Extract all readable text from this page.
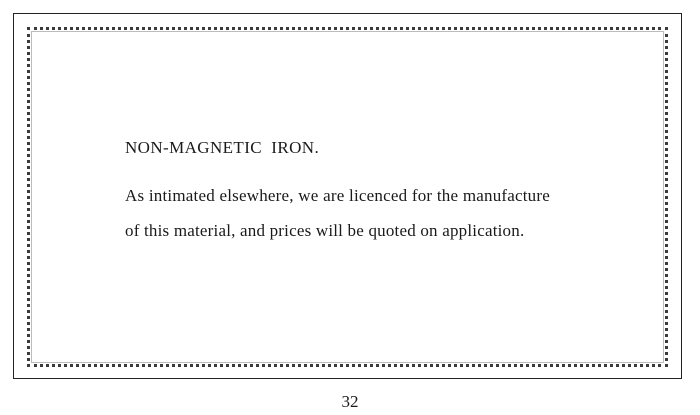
NON-MAGNETIC  IRON.

As intimated elsewhere, we are licenced for the manufacture of this material, and prices will be quoted on application.

32
